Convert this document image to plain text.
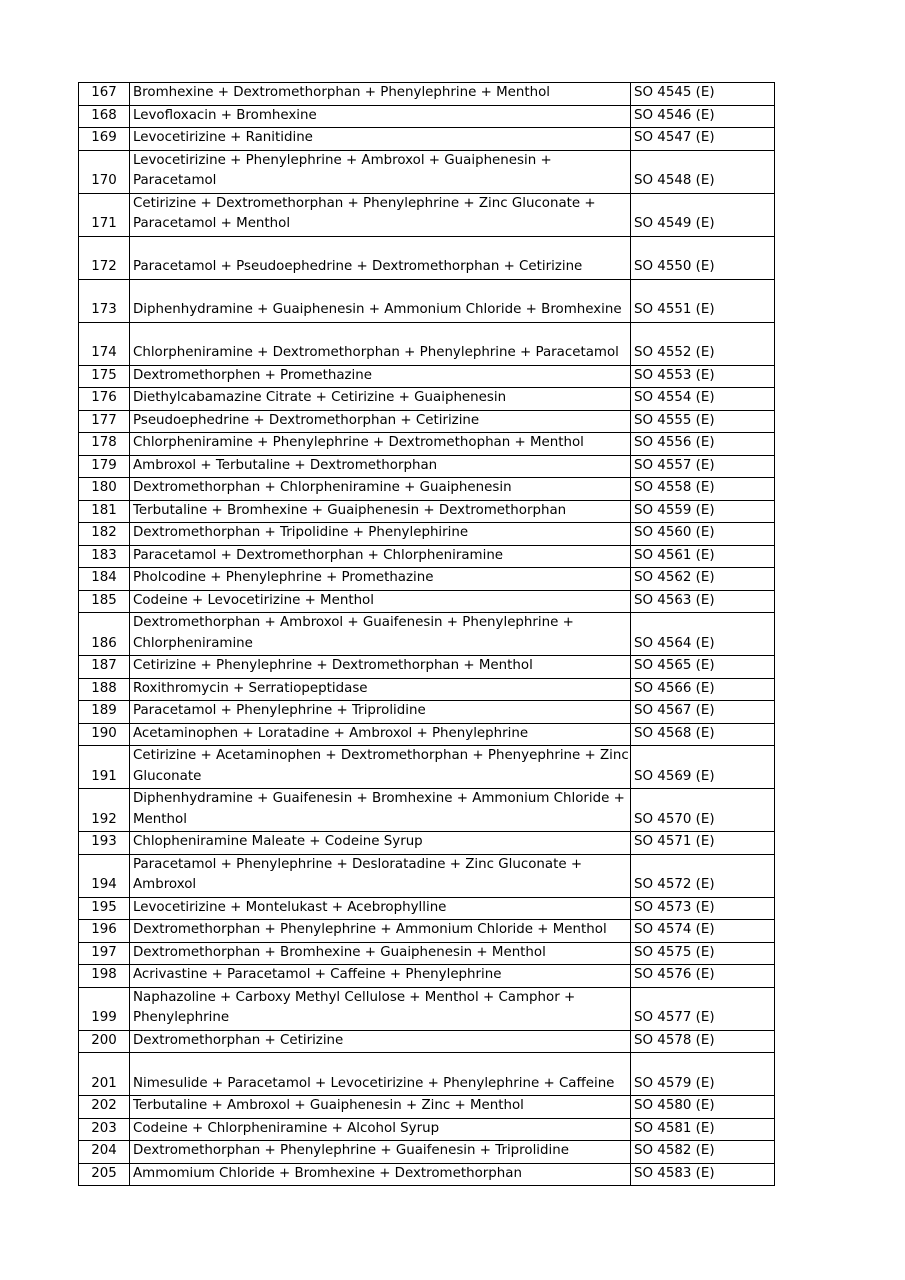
167	Bromhexine + Dextromethorphan + Phenylephrine + Menthol	SO 4545 (E)
168	Levofloxacin + Bromhexine	SO 4546 (E)
169	Levocetirizine + Ranitidine	SO 4547 (E)
170	Levocetirizine + Phenylephrine + Ambroxol + Guaiphenesin + Paracetamol	SO 4548 (E)
171	Cetirizine + Dextromethorphan + Phenylephrine + Zinc Gluconate + Paracetamol + Menthol	SO 4549 (E)
172	Paracetamol + Pseudoephedrine + Dextromethorphan + Cetirizine	SO 4550 (E)
173	Diphenhydramine + Guaiphenesin + Ammonium Chloride + Bromhexine	SO 4551 (E)
174	Chlorpheniramine + Dextromethorphan + Phenylephrine + Paracetamol	SO 4552 (E)
175	Dextromethorphen + Promethazine	SO 4553 (E)
176	Diethylcabamazine Citrate + Cetirizine + Guaiphenesin	SO 4554 (E)
177	Pseudoephedrine + Dextromethorphan + Cetirizine	SO 4555 (E)
178	Chlorpheniramine + Phenylephrine + Dextromethophan + Menthol	SO 4556 (E)
179	Ambroxol + Terbutaline + Dextromethorphan	SO 4557 (E)
180	Dextromethorphan + Chlorpheniramine + Guaiphenesin	SO 4558 (E)
181	Terbutaline + Bromhexine + Guaiphenesin + Dextromethorphan	SO 4559 (E)
182	Dextromethorphan + Tripolidine + Phenylephirine	SO 4560 (E)
183	Paracetamol + Dextromethorphan + Chlorpheniramine	SO 4561 (E)
184	Pholcodine + Phenylephrine + Promethazine	SO 4562 (E)
185	Codeine + Levocetirizine + Menthol	SO 4563 (E)
186	Dextromethorphan + Ambroxol + Guaifenesin + Phenylephrine + Chlorpheniramine	SO 4564 (E)
187	Cetirizine + Phenylephrine + Dextromethorphan + Menthol	SO 4565 (E)
188	Roxithromycin + Serratiopeptidase	SO 4566 (E)
189	Paracetamol + Phenylephrine + Triprolidine	SO 4567 (E)
190	Acetaminophen + Loratadine + Ambroxol + Phenylephrine	SO 4568 (E)
191	Cetirizine + Acetaminophen + Dextromethorphan + Phenyephrine + Zinc Gluconate	SO 4569 (E)
192	Diphenhydramine + Guaifenesin + Bromhexine + Ammonium Chloride + Menthol	SO 4570 (E)
193	Chlopheniramine Maleate + Codeine Syrup	SO 4571 (E)
194	Paracetamol + Phenylephrine + Desloratadine + Zinc Gluconate + Ambroxol	SO 4572 (E)
195	Levocetirizine + Montelukast + Acebrophylline	SO 4573 (E)
196	Dextromethorphan + Phenylephrine + Ammonium Chloride + Menthol	SO 4574 (E)
197	Dextromethorphan + Bromhexine + Guaiphenesin + Menthol	SO 4575 (E)
198	Acrivastine + Paracetamol + Caffeine + Phenylephrine	SO 4576 (E)
199	Naphazoline + Carboxy Methyl Cellulose + Menthol + Camphor + Phenylephrine	SO 4577 (E)
200	Dextromethorphan + Cetirizine	SO 4578 (E)
201	Nimesulide + Paracetamol + Levocetirizine + Phenylephrine + Caffeine	SO 4579 (E)
202	Terbutaline + Ambroxol + Guaiphenesin + Zinc + Menthol	SO 4580 (E)
203	Codeine + Chlorpheniramine + Alcohol Syrup	SO 4581 (E)
204	Dextromethorphan + Phenylephrine + Guaifenesin + Triprolidine	SO 4582 (E)
205	Ammomium Chloride + Bromhexine + Dextromethorphan	SO 4583 (E)
